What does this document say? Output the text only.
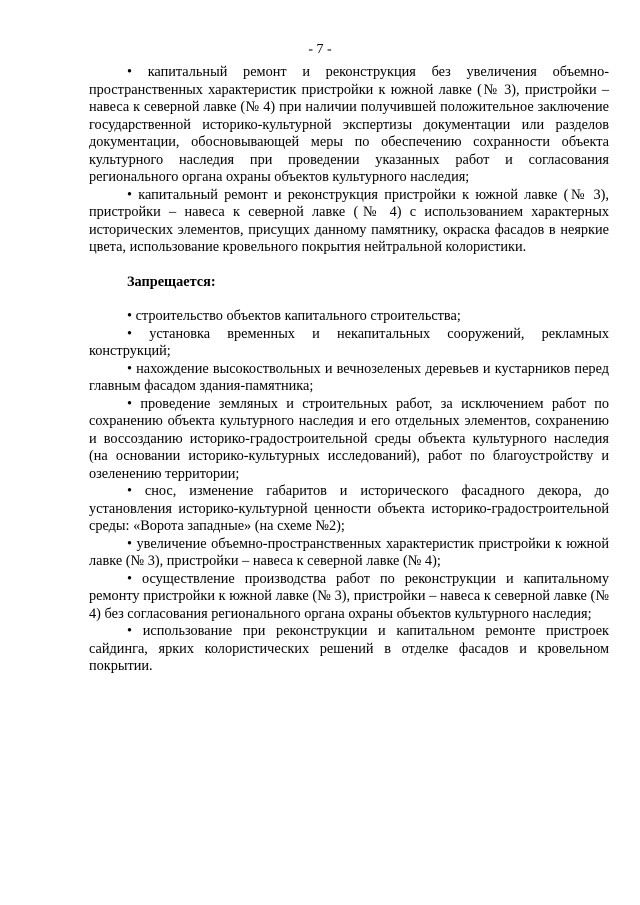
- 7 -

• капитальный ремонт и реконструкция без увеличения объемно-пространственных характеристик пристройки к южной лавке (№ 3), пристройки – навеса к северной лавке (№ 4) при наличии получившей положительное заключение государственной историко-культурной экспертизы документации или разделов документации, обосновывающей меры по обеспечению сохранности объекта культурного наследия при проведении указанных работ и согласования регионального органа охраны объектов культурного наследия;

• капитальный ремонт и реконструкция пристройки к южной лавке (№ 3), пристройки – навеса к северной лавке (№ 4) с использованием характерных исторических элементов, присущих данному памятнику, окраска фасадов в неяркие цвета, использование кровельного покрытия нейтральной колористики.

Запрещается:

• строительство объектов капитального строительства;

• установка временных и некапитальных сооружений, рекламных конструкций;

• нахождение высокоствольных и вечнозеленых деревьев и кустарников перед главным фасадом здания-памятника;

• проведение земляных и строительных работ, за исключением работ по сохранению объекта культурного наследия и его отдельных элементов, сохранению и воссозданию историко-градостроительной среды объекта культурного наследия (на основании историко-культурных исследований), работ по благоустройству и озеленению территории;

• снос, изменение габаритов и исторического фасадного декора, до установления историко-культурной ценности объекта историко-градостроительной среды: «Ворота западные» (на схеме №2);

• увеличение объемно-пространственных характеристик пристройки к южной лавке (№ 3), пристройки – навеса к северной лавке (№ 4);

• осуществление производства работ по реконструкции и капитальному ремонту пристройки к южной лавке (№ 3), пристройки – навеса к северной лавке (№ 4) без согласования регионального органа охраны объектов культурного наследия;

• использование при реконструкции и капитальном ремонте пристроек сайдинга, ярких колористических решений в отделке фасадов и кровельном покрытии.
